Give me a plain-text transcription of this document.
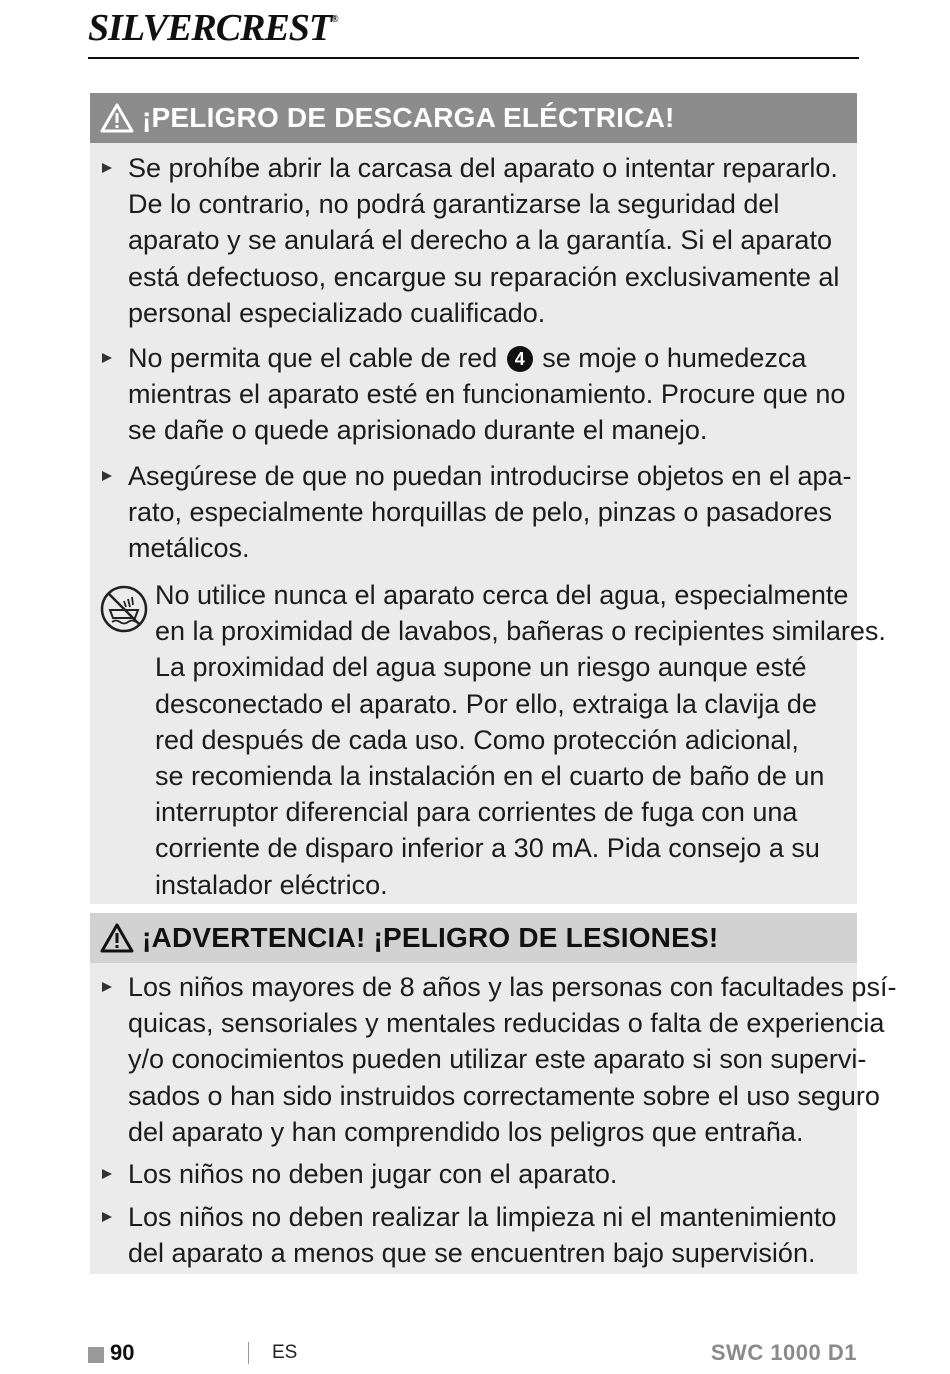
SILVERCREST®
¡PELIGRO DE DESCARGA ELÉCTRICA!
Se prohíbe abrir la carcasa del aparato o intentar repararlo.
De lo contrario, no podrá garantizarse la seguridad del
aparato y se anulará el derecho a la garantía. Si el aparato
está defectuoso, encargue su reparación exclusivamente al
personal especializado cualificado.
No permita que el cable de red 4 se moje o humedezca
mientras el aparato esté en funcionamiento. Procure que no
se dañe o quede aprisionado durante el manejo.
Asegúrese de que no puedan introducirse objetos en el apa-
rato, especialmente horquillas de pelo, pinzas o pasadores
metálicos.
No utilice nunca el aparato cerca del agua, especialmente
en la proximidad de lavabos, bañeras o recipientes similares.
La proximidad del agua supone un riesgo aunque esté
desconectado el aparato. Por ello, extraiga la clavija de
red después de cada uso. Como protección adicional,
se recomienda la instalación en el cuarto de baño de un
interruptor diferencial para corrientes de fuga con una
corriente de disparo inferior a 30 mA. Pida consejo a su
instalador eléctrico.
¡ADVERTENCIA! ¡PELIGRO DE LESIONES!
Los niños mayores de 8 años y las personas con facultades psí-
quicas, sensoriales y mentales reducidas o falta de experiencia
y/o conocimientos pueden utilizar este aparato si son supervi-
sados o han sido instruidos correctamente sobre el uso seguro
del aparato y han comprendido los peligros que entraña.
Los niños no deben jugar con el aparato.
Los niños no deben realizar la limpieza ni el mantenimiento
del aparato a menos que se encuentren bajo supervisión.
90	ES	SWC 1000 D1
